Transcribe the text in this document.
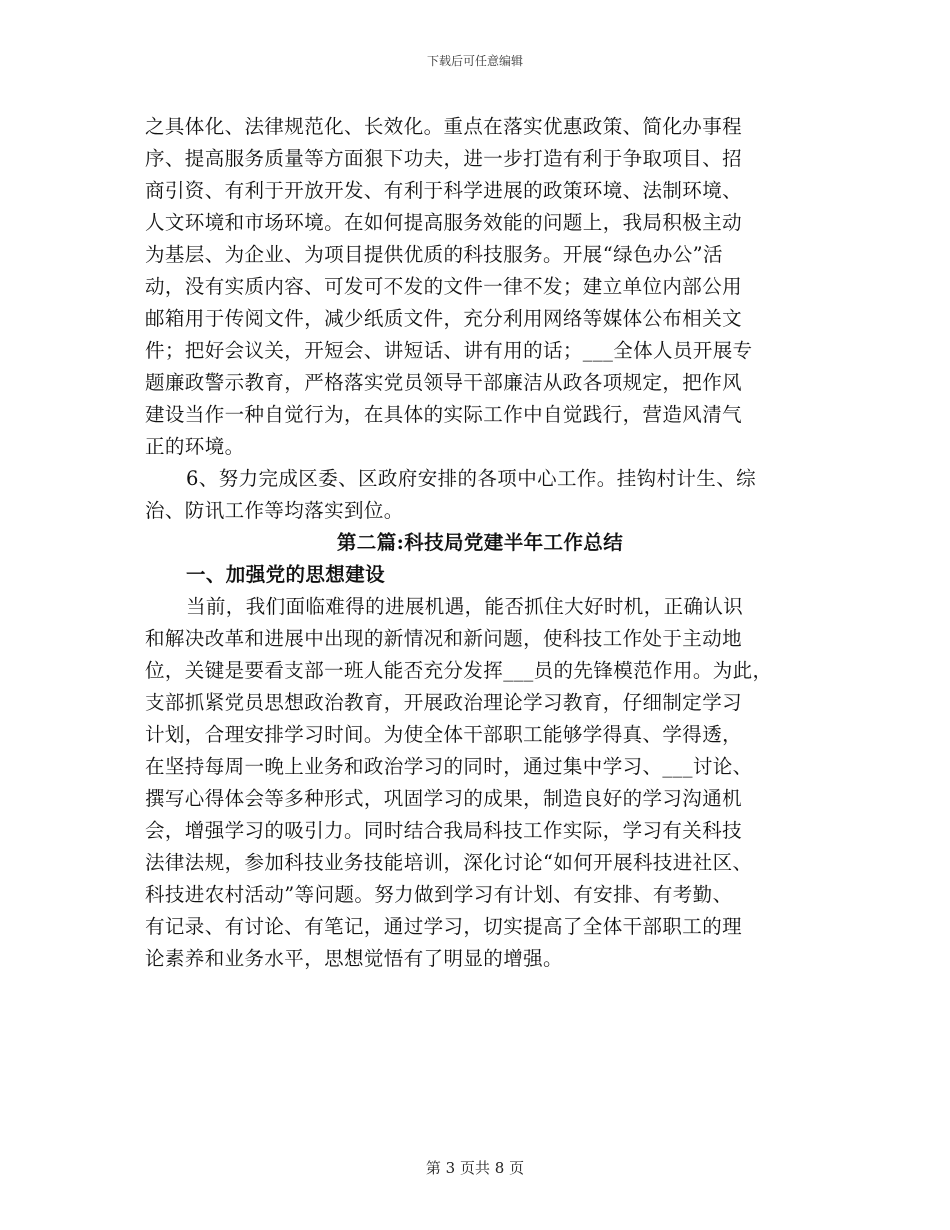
下载后可任意编辑
之具体化、法律规范化、长效化。重点在落实优惠政策、简化办事程
序、提高服务质量等方面狠下功夫，进一步打造有利于争取项目、招
商引资、有利于开放开发、有利于科学进展的政策环境、法制环境、
人文环境和市场环境。在如何提高服务效能的问题上，我局积极主动
为基层、为企业、为项目提供优质的科技服务。开展“绿色办公”活
动，没有实质内容、可发可不发的文件一律不发；建立单位内部公用
邮箱用于传阅文件，减少纸质文件，充分利用网络等媒体公布相关文
件；把好会议关，开短会、讲短话、讲有用的话；___全体人员开展专
题廉政警示教育，严格落实党员领导干部廉洁从政各项规定，把作风
建设当作一种自觉行为，在具体的实际工作中自觉践行，营造风清气
正的环境。
6、努力完成区委、区政府安排的各项中心工作。挂钩村计生、综
治、防讯工作等均落实到位。
第二篇:科技局党建半年工作总结
一、加强党的思想建设
当前，我们面临难得的进展机遇，能否抓住大好时机，正确认识
和解决改革和进展中出现的新情况和新问题，使科技工作处于主动地
位，关键是要看支部一班人能否充分发挥___员的先锋模范作用。为此，
支部抓紧党员思想政治教育，开展政治理论学习教育，仔细制定学习
计划，合理安排学习时间。为使全体干部职工能够学得真、学得透，
在坚持每周一晚上业务和政治学习的同时，通过集中学习、___讨论、
撰写心得体会等多种形式，巩固学习的成果，制造良好的学习沟通机
会，增强学习的吸引力。同时结合我局科技工作实际，学习有关科技
法律法规，参加科技业务技能培训，深化讨论“如何开展科技进社区、
科技进农村活动”等问题。努力做到学习有计划、有安排、有考勤、
有记录、有讨论、有笔记，通过学习，切实提高了全体干部职工的理
论素养和业务水平，思想觉悟有了明显的增强。
第 3 页共 8 页
